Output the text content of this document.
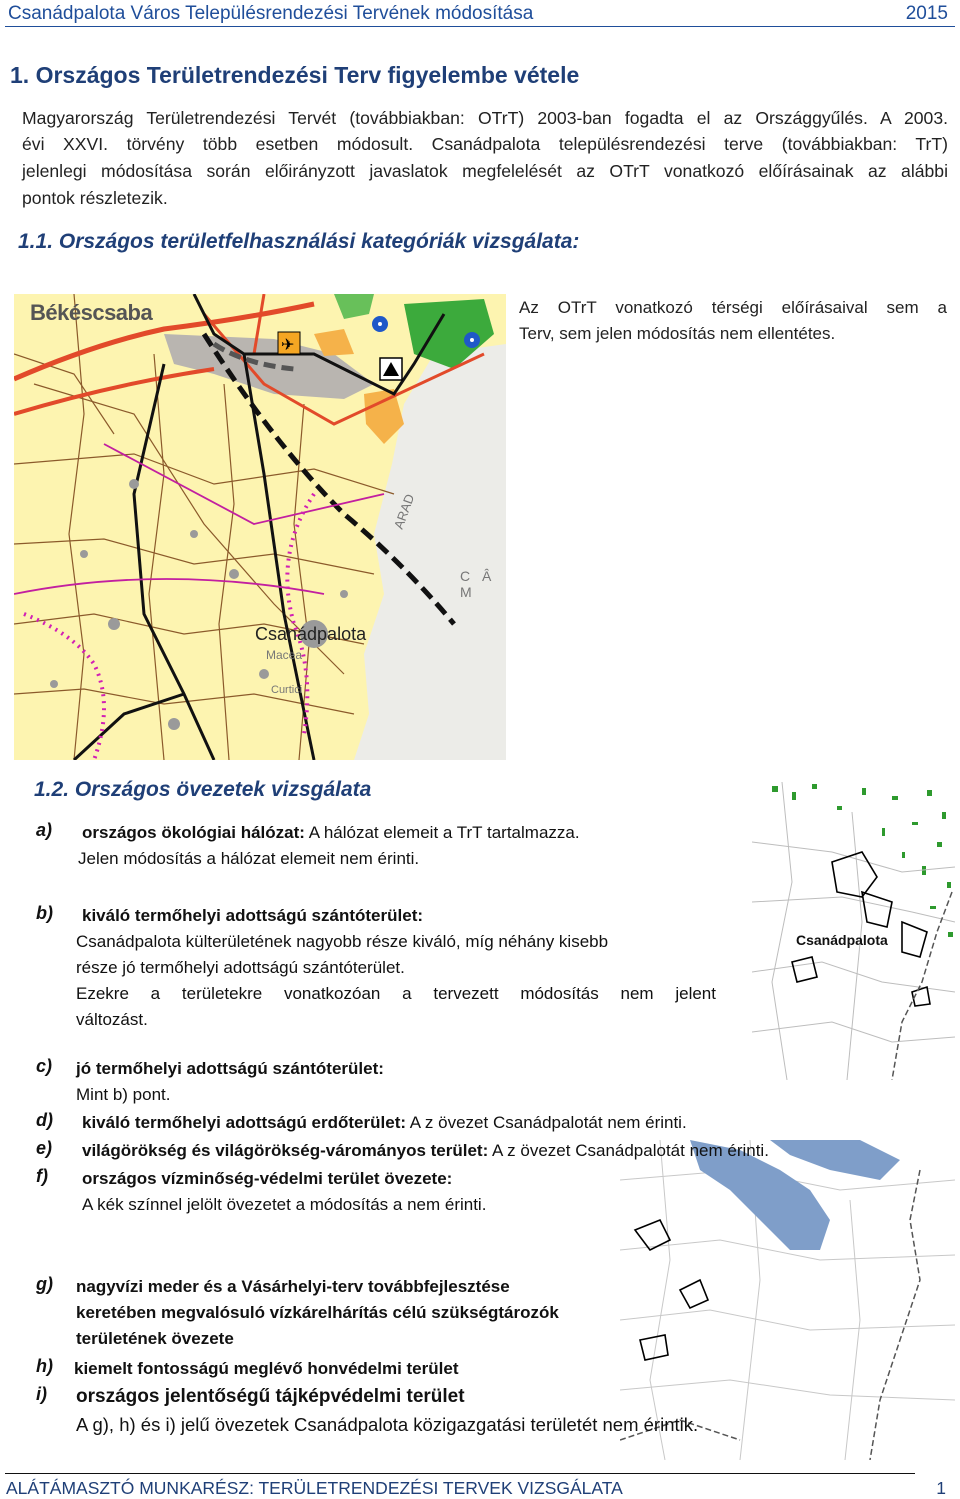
Csanádpalota Város Településrendezési Tervének módosítása	2015
1. Országos Területrendezési Terv figyelembe vétele
Magyarország Területrendezési Tervét (továbbiakban: OTrT) 2003-ban fogadta el az Országgyűlés. A 2003.
évi XXVI. törvény több esetben módosult. Csanádpalota településrendezési terve (továbbiakban: TrT)
jelenlegi módosítása során előirányzott javaslatok megfelelését az OTrT vonatkozó előírásainak az alábbi
pontok részletezik.
1.1. Országos területfelhasználási kategóriák vizsgálata:
✈
Békéscsaba
Csanádpalota
Macea
Curtici
ARAD
C Â M
Az OTrT vonatkozó térségi előírásaival sem a
Terv, sem jelen módosítás nem ellentétes.
1.2. Országos övezetek vizsgálata
Csanádpalota
a) országos ökológiai hálózat: A hálózat elemeit a TrT tartalmazza.
Jelen módosítás a hálózat elemeit nem érinti.
b) kiváló termőhelyi adottságú szántóterület:
Csanádpalota külterületének nagyobb része kiváló, míg néhány kisebb
része jó termőhelyi adottságú szántóterület.
Ezekre a területekre vonatkozóan a tervezett módosítás nem jelent
változást.
c) jó termőhelyi adottságú szántóterület:
Mint b) pont.
d) kiváló termőhelyi adottságú erdőterület: A z övezet Csanádpalotát nem érinti.
e) világörökség és világörökség-várományos terület: A z övezet Csanádpalotát nem érinti.
f) országos vízminőség-védelmi terület övezete:
A kék színnel jelölt övezetet a módosítás a nem érinti.
g) nagyvízi meder és a Vásárhelyi-terv továbbfejlesztése
keretében megvalósuló vízkárelhárítás célú szükségtározók
területének övezete
h) kiemelt fontosságú meglévő honvédelmi terület
i) országos jelentőségű tájképvédelmi terület
A g), h) és i) jelű övezetek Csanádpalota közigazgatási területét nem érintik.
ALÁTÁMASZTÓ MUNKARÉSZ: TERÜLETRENDEZÉSI TERVEK VIZSGÁLATA	1
